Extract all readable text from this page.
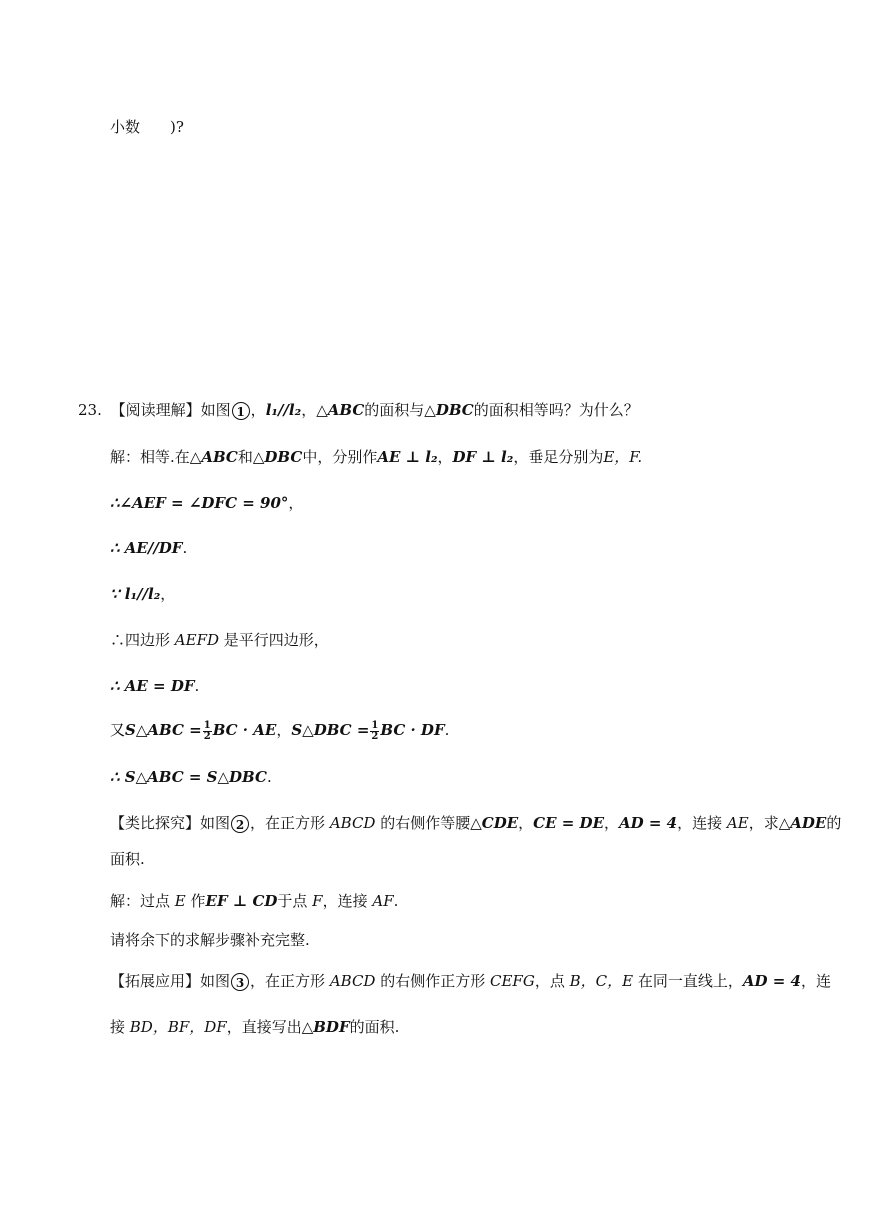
小数　　)?
23. 【阅读理解】如图 1 ，l₁//l₂，△ABC的面积与△DBC的面积相等吗？为什么？
解：相等.在△ABC和△DBC中，分别作AE ⊥ l₂，DF ⊥ l₂，垂足分别为E，F.
∴∠AEF = ∠DFC = 90°，
∴ AE//DF.
∵ l₁//l₂，
∴四边形 AEFD 是平行四边形，
∴ AE = DF.
又S△ABC = $\frac{1}{2}$ BC · AE，S△DBC = $\frac{1}{2}$ BC · DF.
∴ S△ABC = S△DBC.
【类比探究】如图 2 ，在正方形 ABCD 的右侧作等腰△CDE，CE = DE，AD = 4，连接 AE，求△ADE的
面积.
解：过点 E 作EF ⊥ CD于点 F，连接 AF.
请将余下的求解步骤补充完整.
【拓展应用】如图 3 ，在正方形 ABCD 的右侧作正方形 CEFG，点 B，C，E 在同一直线上，AD = 4，连
接 BD，BF，DF，直接写出△BDF的面积.
